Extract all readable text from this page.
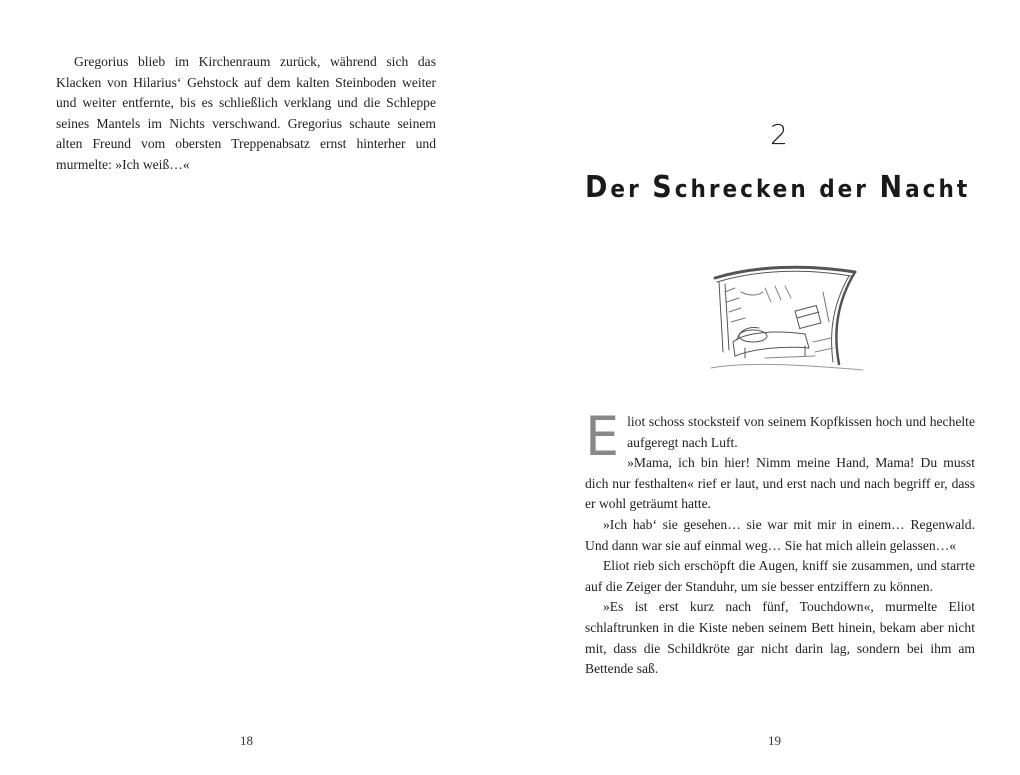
Gregorius blieb im Kirchenraum zurück, während sich das Klacken von Hilarius‘ Gehstock auf dem kalten Steinboden weiter und weiter entfernte, bis es schließlich verklang und die Schleppe seines Mantels im Nichts verschwand. Gregorius schaute seinem alten Freund vom obersten Treppenabsatz ernst hinterher und murmelte: »Ich weiß…«

18
2
Der Schrecken der Nacht

Eliot schoss stocksteif von seinem Kopfkissen hoch und hechelte aufgeregt nach Luft.

»Mama, ich bin hier! Nimm meine Hand, Mama! Du musst dich nur festhalten« rief er laut, und erst nach und nach begriff er, dass er wohl geträumt hatte.

»Ich hab‘ sie gesehen… sie war mit mir in einem… Regenwald. Und dann war sie auf einmal weg… Sie hat mich allein gelassen…«

Eliot rieb sich erschöpft die Augen, kniff sie zusammen, und starrte auf die Zeiger der Standuhr, um sie besser entziffern zu können.

»Es ist erst kurz nach fünf, Touchdown«, murmelte Eliot schlaftrunken in die Kiste neben seinem Bett hinein, bekam aber nicht mit, dass die Schildkröte gar nicht darin lag, sondern bei ihm am Bettende saß.

19
